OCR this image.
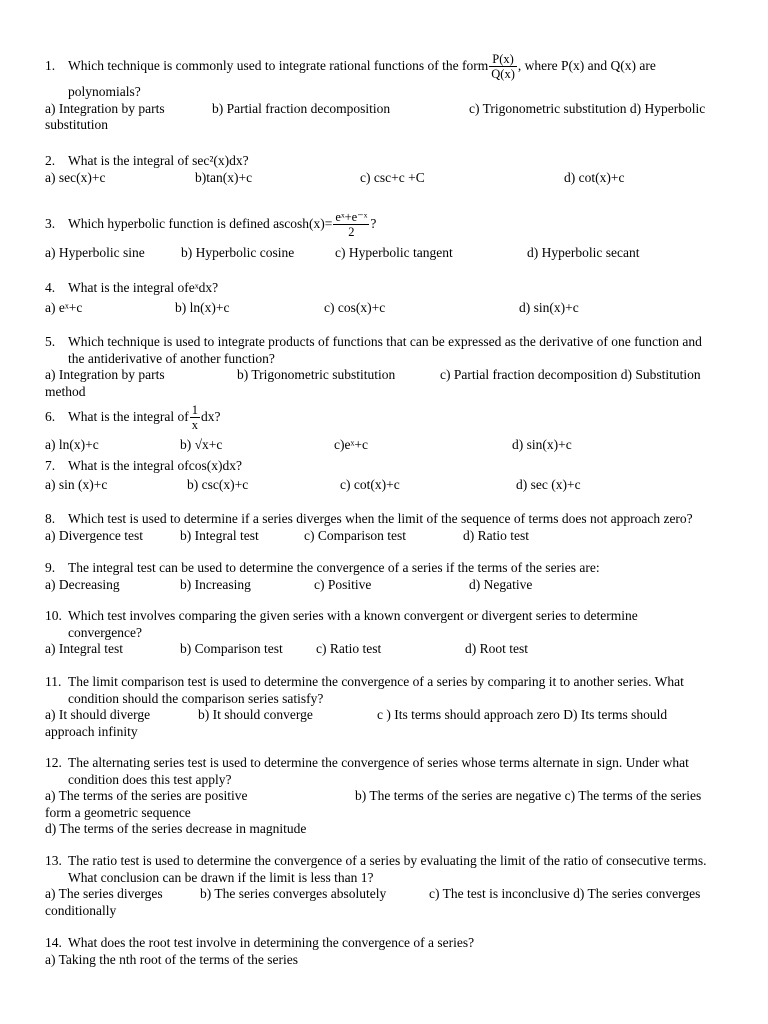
1. Which technique is commonly used to integrate rational functions of the form $\frac{P(x)}{Q(x)}$ , where P(x) and Q(x) are
polynomials?
a) Integration by parts	b) Partial fraction decomposition	c) Trigonometric substitution d) Hyperbolic
substitution
2. What is the integral of sec²(x)dx?
a) sec(x)+c	b)tan(x)+c	c) csc+c +C	d) cot(x)+c
3. Which hyperbolic function is defined $ascosh(x)= \frac{\text{eˣ+e⁻ˣ}}{2}$ ?
a) Hyperbolic sine	b) Hyperbolic cosine	c) Hyperbolic tangent	d) Hyperbolic secant
4. What is the integral ofeˣdx?
a) eˣ+c	b) ln(x)+c	c) cos(x)+c	d) sin(x)+c
5. Which technique is used to integrate products of functions that can be expressed as the derivative of one function and
the antiderivative of another function?
a) Integration by parts	b) Trigonometric substitution	c) Partial fraction decomposition d) Substitution
method
6. What is the integral of $\frac{1}{x}$ dx?
a) ln(x)+c	b) √x+c	c)eˣ+c	d) sin(x)+c
7. What is the integral ofcos(x)dx?
a) sin (x)+c	b) csc(x)+c	c) cot(x)+c	d) sec (x)+c
8. Which test is used to determine if a series diverges when the limit of the sequence of terms does not approach zero?
a) Divergence test	b) Integral test	c) Comparison test	d) Ratio test
9. The integral test can be used to determine the convergence of a series if the terms of the series are:
a) Decreasing	b) Increasing	c) Positive	d) Negative
10. Which test involves comparing the given series with a known convergent or divergent series to determine
convergence?
a) Integral test	b) Comparison test c) Ratio test	d) Root test
11. The limit comparison test is used to determine the convergence of a series by comparing it to another series. What
condition should the comparison series satisfy?
a) It should diverge	b) It should converge	c ) Its terms should approach zero D) Its terms should
approach infinity
12. The alternating series test is used to determine the convergence of series whose terms alternate in sign. Under what
condition does this test apply?
a) The terms of the series are positive	b) The terms of the series are negative c) The terms of the series
form a geometric sequence
d) The terms of the series decrease in magnitude
13. The ratio test is used to determine the convergence of a series by evaluating the limit of the ratio of consecutive terms.
What conclusion can be drawn if the limit is less than 1?
a) The series diverges	b) The series converges absolutely	c) The test is inconclusive d) The series converges
conditionally
14. What does the root test involve in determining the convergence of a series?
a) Taking the nth root of the terms of the series
